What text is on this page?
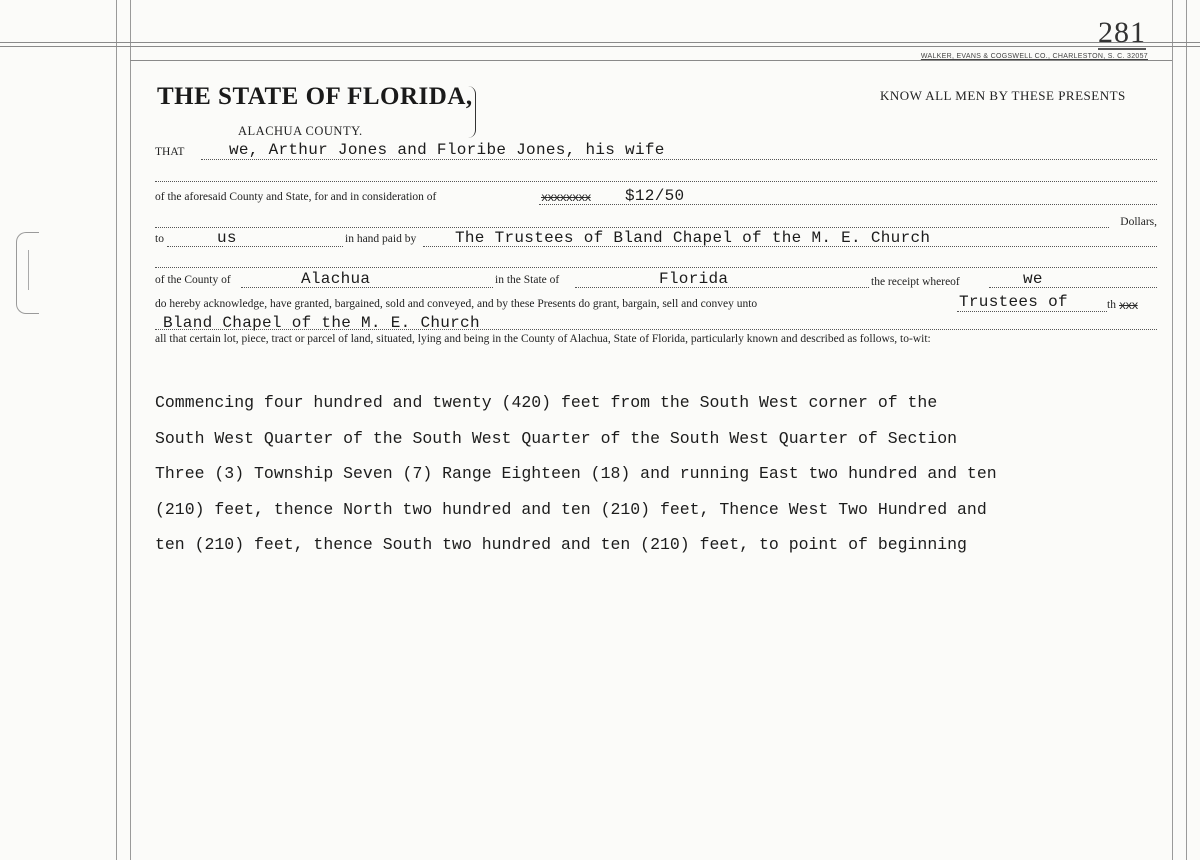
281
WALKER, EVANS & COGSWELL CO., CHARLESTON, S. C. 32057
THE STATE OF FLORIDA,	KNOW ALL MEN BY THESE PRESENTS
ALACHUA COUNTY.
THAT	we, Arthur Jones and Floribe Jones, his wife
of the aforesaid County and State, for and in consideration of	xxxxxxxx $12/50
Dollars,
to	us	in hand paid by The Trustees of Bland Chapel of the M. E. Church
of the County of	Alachua	in the State of	Florida	the receipt whereof	we
do hereby acknowledge, have granted, bargained, sold and conveyed, and by these Presents do grant, bargain, sell and convey unto	Trustees of	th xxx
Bland Chapel of the M. E. Church
all that certain lot, piece, tract or parcel of land, situated, lying and being in the County of Alachua, State of Florida, particularly known and described as follows, to-wit:
Commencing four hundred and twenty (420) feet from the South West corner of the
South West Quarter of the South West Quarter of the South West Quarter of Section
Three (3) Township Seven (7) Range Eighteen (18) and running East two hundred and ten
(210) feet, thence North two hundred and ten (210) feet, Thence West Two Hundred and
ten (210) feet, thence South two hundred and ten (210) feet, to point of beginning
